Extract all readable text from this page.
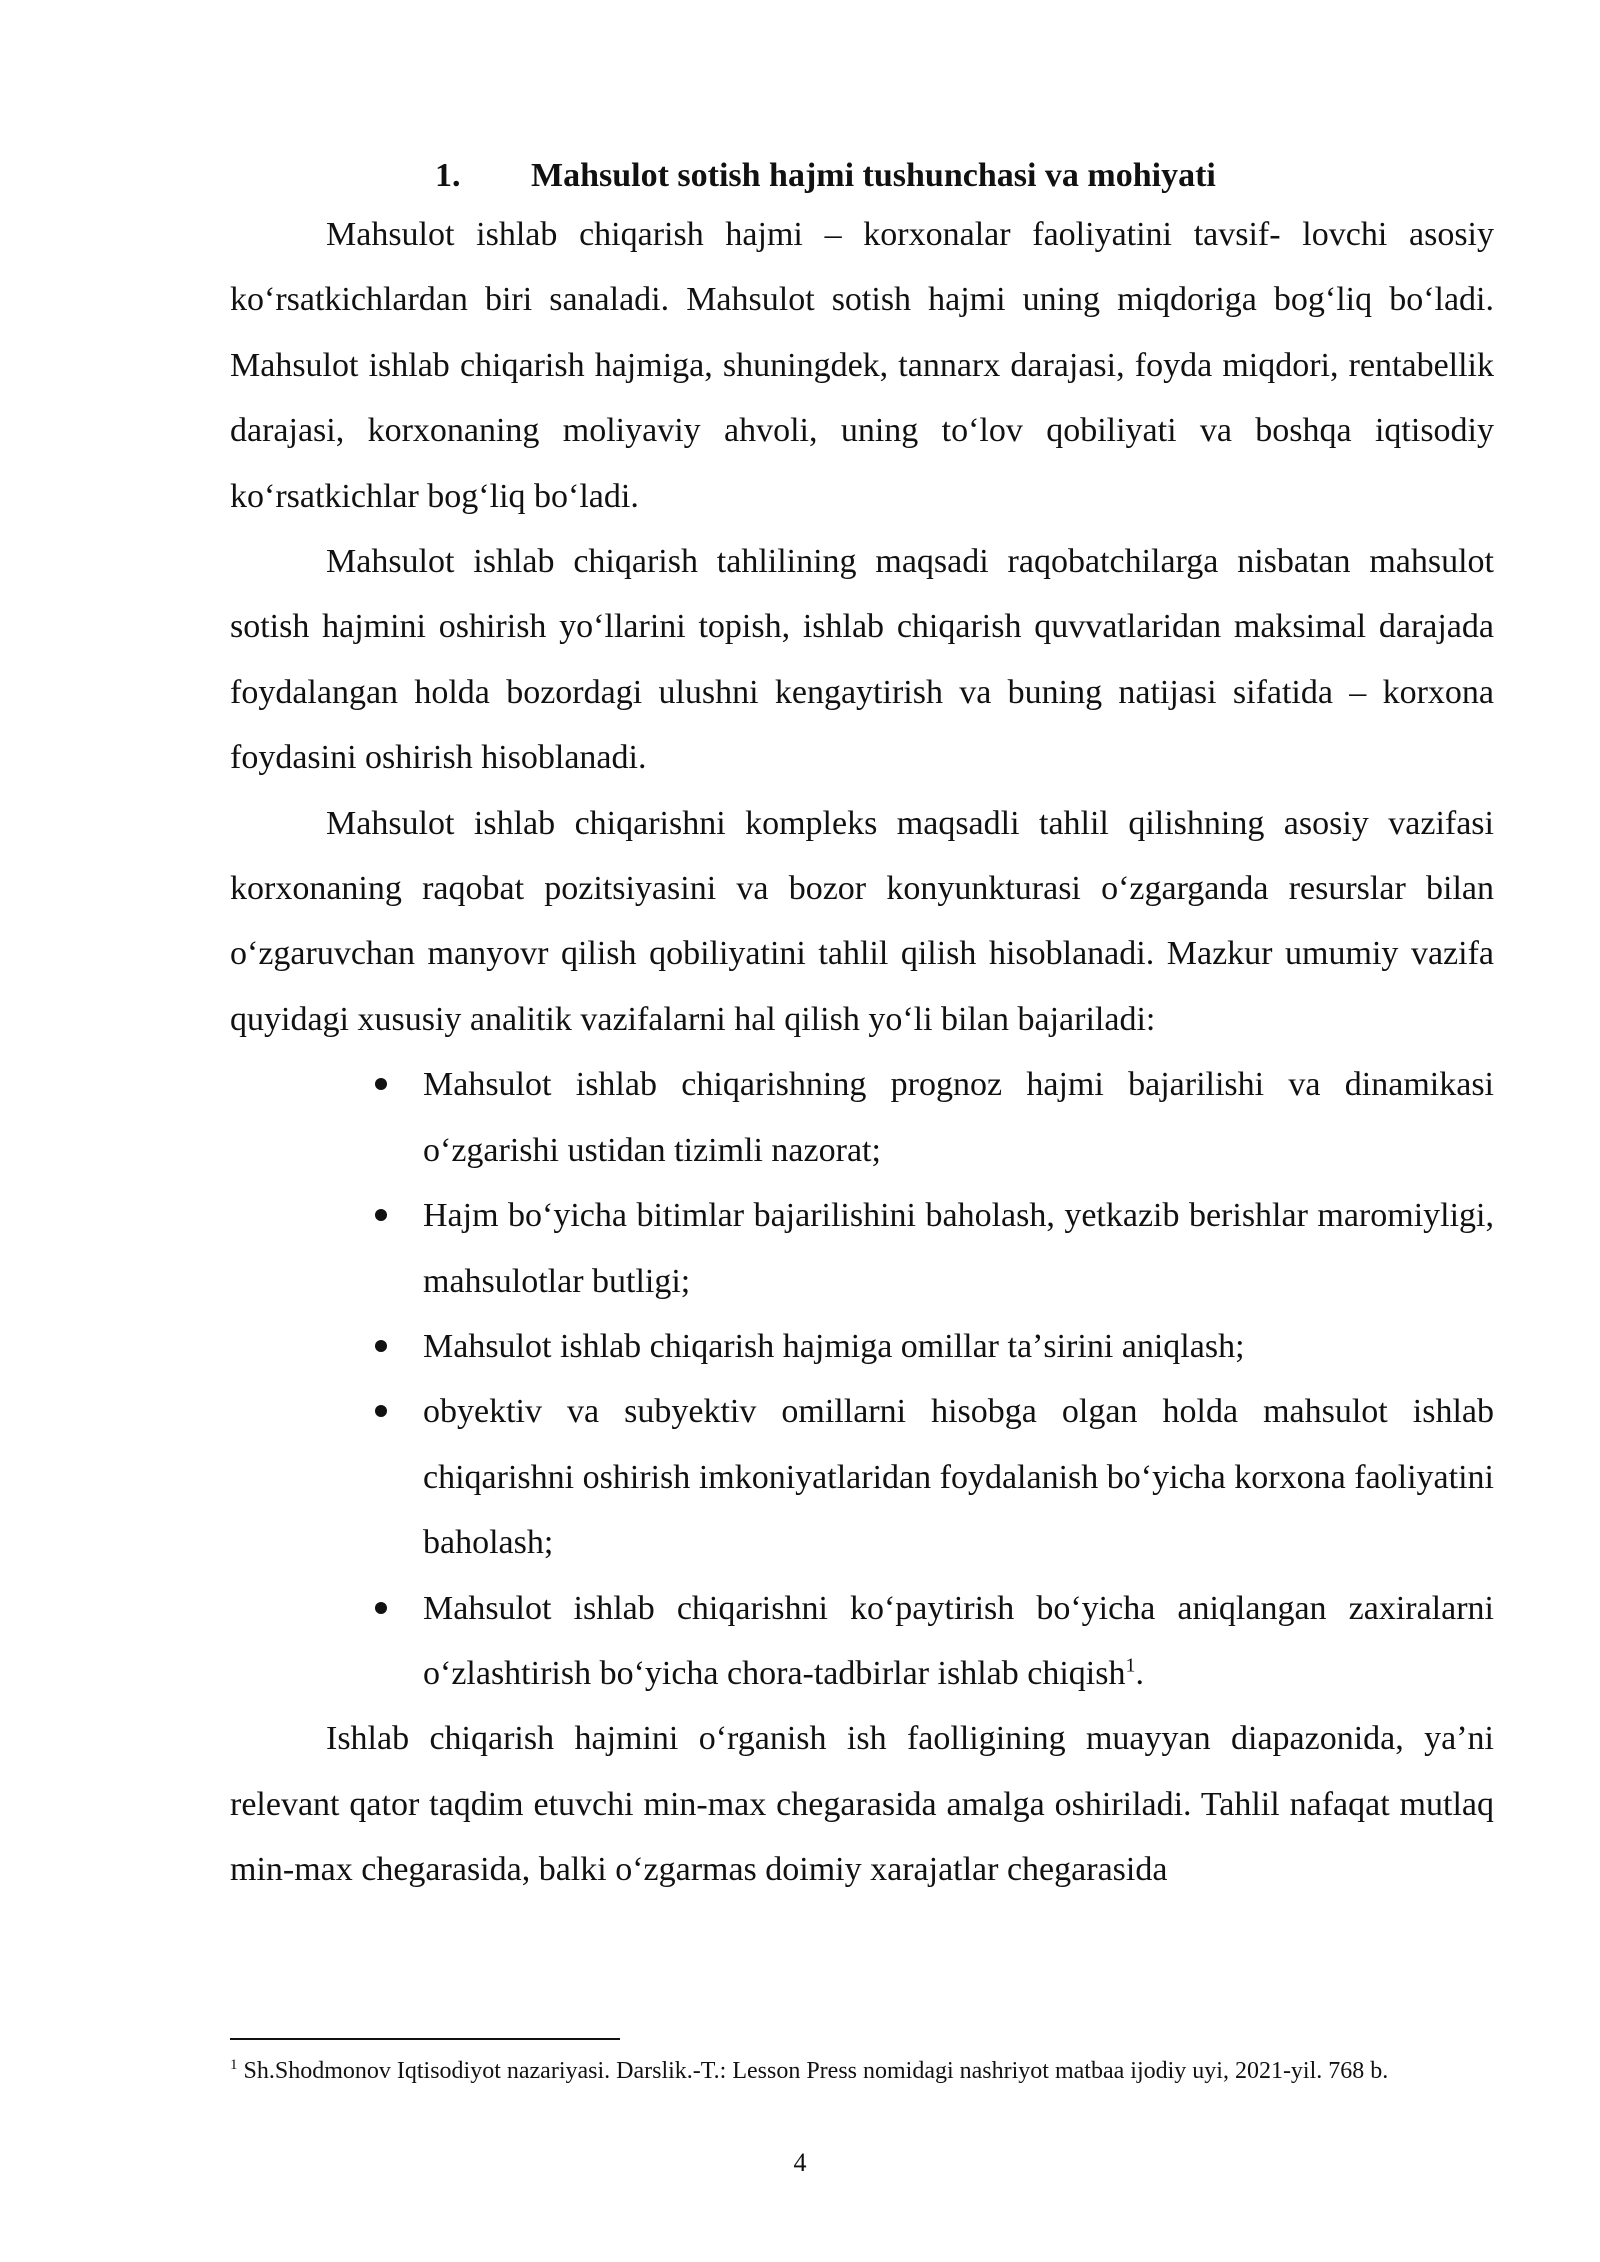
1. Mahsulot sotish hajmi tushunchasi va mohiyati

Mahsulot ishlab chiqarish hajmi – korxonalar faoliyatini tavsif- lovchi asosiy koʻrsatkichlardan biri sanaladi. Mahsulot sotish hajmi uning miqdoriga bogʻliq boʻladi. Mahsulot ishlab chiqarish hajmiga, shuningdek, tannarx darajasi, foyda miqdori, rentabellik darajasi, korxonaning moliyaviy ahvoli, uning toʻlov qobiliyati va boshqa iqtisodiy koʻrsatkichlar bogʻliq boʻladi.

Mahsulot ishlab chiqarish tahlilining maqsadi raqobatchilarga nisbatan mahsulot sotish hajmini oshirish yoʻllarini topish, ishlab chiqarish quvvatlaridan maksimal darajada foydalangan holda bozordagi ulushni kengaytirish va buning natijasi sifatida – korxona foydasini oshirish hisoblanadi.

Mahsulot ishlab chiqarishni kompleks maqsadli tahlil qilishning asosiy vazifasi korxonaning raqobat pozitsiyasini va bozor konyunkturasi oʻzgarganda resurslar bilan oʻzgaruvchan manyovr qilish qobiliyatini tahlil qilish hisoblanadi. Mazkur umumiy vazifa quyidagi xususiy analitik vazifalarni hal qilish yoʻli bilan bajariladi:

Mahsulot ishlab chiqarishning prognoz hajmi bajarilishi va dinamikasi oʻzgarishi ustidan tizimli nazorat;
Hajm boʻyicha bitimlar bajarilishini baholash, yetkazib berishlar maromiyligi, mahsulotlar butligi;
Mahsulot ishlab chiqarish hajmiga omillar taʼsirini aniqlash;
obyektiv va subyektiv omillarni hisobga olgan holda mahsulot ishlab chiqarishni oshirish imkoniyatlaridan foydalanish boʻyicha korxona faoliyatini baholash;
Mahsulot ishlab chiqarishni koʻpaytirish boʻyicha aniqlangan zaxiralarni oʻzlashtirish boʻyicha chora-tadbirlar ishlab chiqish$^1$.

Ishlab chiqarish hajmini oʻrganish ish faolligining muayyan diapazonida, yaʼni relevant qator taqdim etuvchi min-max chegarasida amalga oshiriladi. Tahlil nafaqat mutlaq min-max chegarasida, balki oʻzgarmas doimiy xarajatlar chegarasida

$^1$ Sh.Shodmonov Iqtisodiyot nazariyasi. Darslik.-T.: Lesson Press nomidagi nashriyot matbaa ijodiy uyi, 2021-yil. 768 b.
4
